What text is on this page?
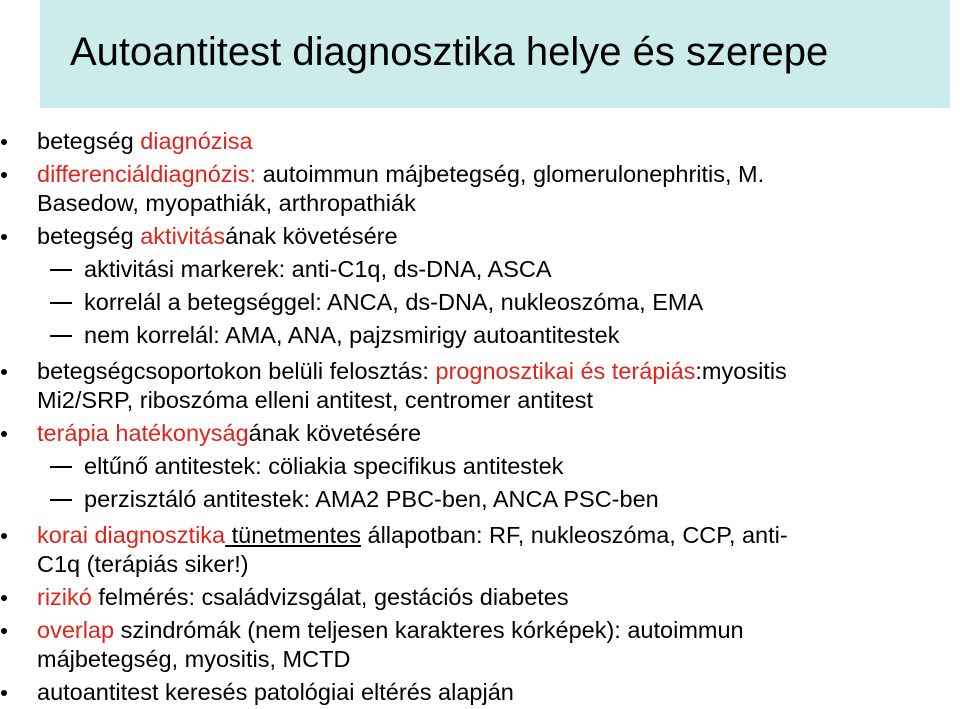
Autoantitest diagnosztika helye és szerepe
betegség diagnózisa
differenciáldiagnózis: autoimmun májbetegség, glomerulonephritis, M.
Basedow, myopathiák, arthropathiák
betegség aktivitásának követésére
aktivitási markerek: anti-C1q, ds-DNA, ASCA
korrelál a betegséggel: ANCA, ds-DNA, nukleoszóma, EMA
nem korrelál: AMA, ANA, pajzsmirigy autoantitestek
betegségcsoportokon belüli felosztás: prognosztikai és terápiás:myositis
Mi2/SRP, riboszóma elleni antitest, centromer antitest
terápia hatékonyságának követésére
eltűnő antitestek: cöliakia specifikus antitestek
perzisztáló antitestek: AMA2 PBC-ben, ANCA PSC-ben
korai diagnosztika tünetmentes állapotban: RF, nukleoszóma, CCP, anti-
C1q (terápiás siker!)
rizikó felmérés: családvizsgálat, gestációs diabetes
overlap szindrómák (nem teljesen karakteres kórképek): autoimmun
májbetegség, myositis, MCTD
autoantitest keresés patológiai eltérés alapján
